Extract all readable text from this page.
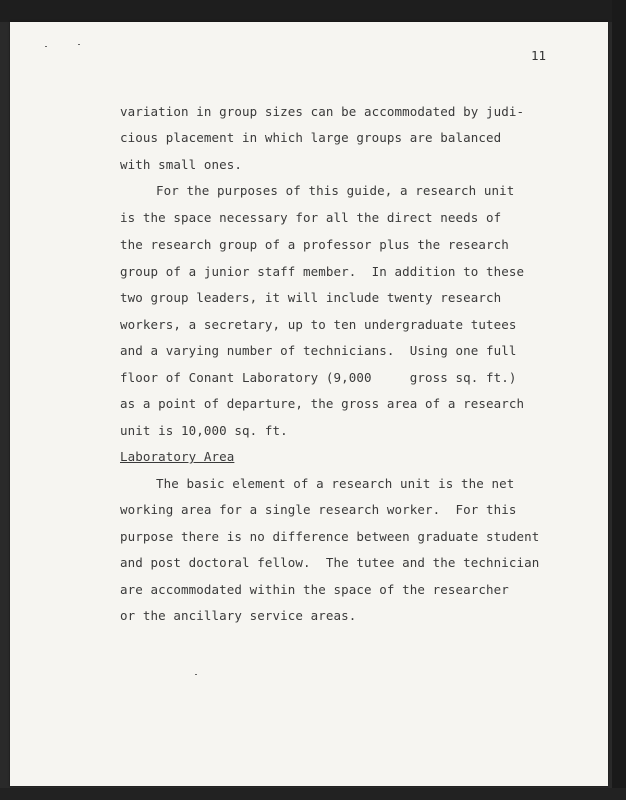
11
variation in group sizes can be accommodated by judi-
cious placement in which large groups are balanced
with small ones.
For the purposes of this guide, a research unit
is the space necessary for all the direct needs of
the research group of a professor plus the research
group of a junior staff member.  In addition to these
two group leaders, it will include twenty research
workers, a secretary, up to ten undergraduate tutees
and a varying number of technicians.  Using one full
floor of Conant Laboratory (9,000     gross sq. ft.)
as a point of departure, the gross area of a research
unit is 10,000 sq. ft.
Laboratory Area
The basic element of a research unit is the net
working area for a single research worker.  For this
purpose there is no difference between graduate student
and post doctoral fellow.  The tutee and the technician
are accommodated within the space of the researcher
or the ancillary service areas.
